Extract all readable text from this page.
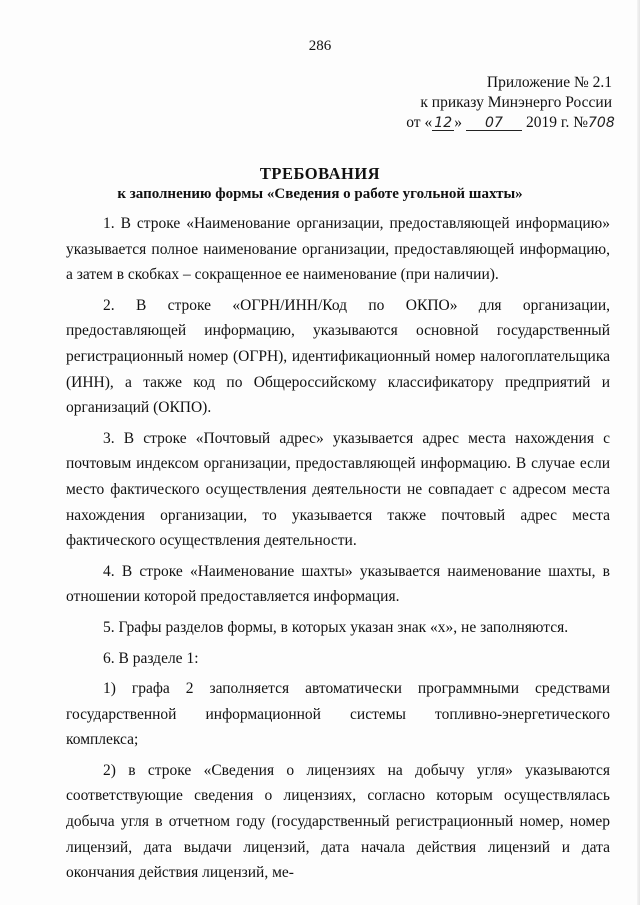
286
Приложение № 2.1
к приказу Минэнерго России
от « 12 » 07 2019 г. №708
ТРЕБОВАНИЯ
к заполнению формы «Сведения о работе угольной шахты»

1. В строке «Наименование организации, предоставляющей информацию» указывается полное наименование организации, предоставляющей информацию, а затем в скобках – сокращенное ее наименование (при наличии).

2. В строке «ОГРН/ИНН/Код по ОКПО» для организации, предоставляющей информацию, указываются основной государственный регистрационный номер (ОГРН), идентификационный номер налогоплательщика (ИНН), а также код по Общероссийскому классификатору предприятий и организаций (ОКПО).

3. В строке «Почтовый адрес» указывается адрес места нахождения с почтовым индексом организации, предоставляющей информацию. В случае если место фактического осуществления деятельности не совпадает с адресом места нахождения организации, то указывается также почтовый адрес места фактического осуществления деятельности.

4. В строке «Наименование шахты» указывается наименование шахты, в отношении которой предоставляется информация.

5. Графы разделов формы, в которых указан знак «х», не заполняются.

6. В разделе 1:

1) графа 2 заполняется автоматически программными средствами государственной информационной системы топливно-энергетического комплекса;

2) в строке «Сведения о лицензиях на добычу угля» указываются соответствующие сведения о лицензиях, согласно которым осуществлялась добыча угля в отчетном году (государственный регистрационный номер, номер лицензий, дата выдачи лицензий, дата начала действия лицензий и дата окончания действия лицензий, ме-
